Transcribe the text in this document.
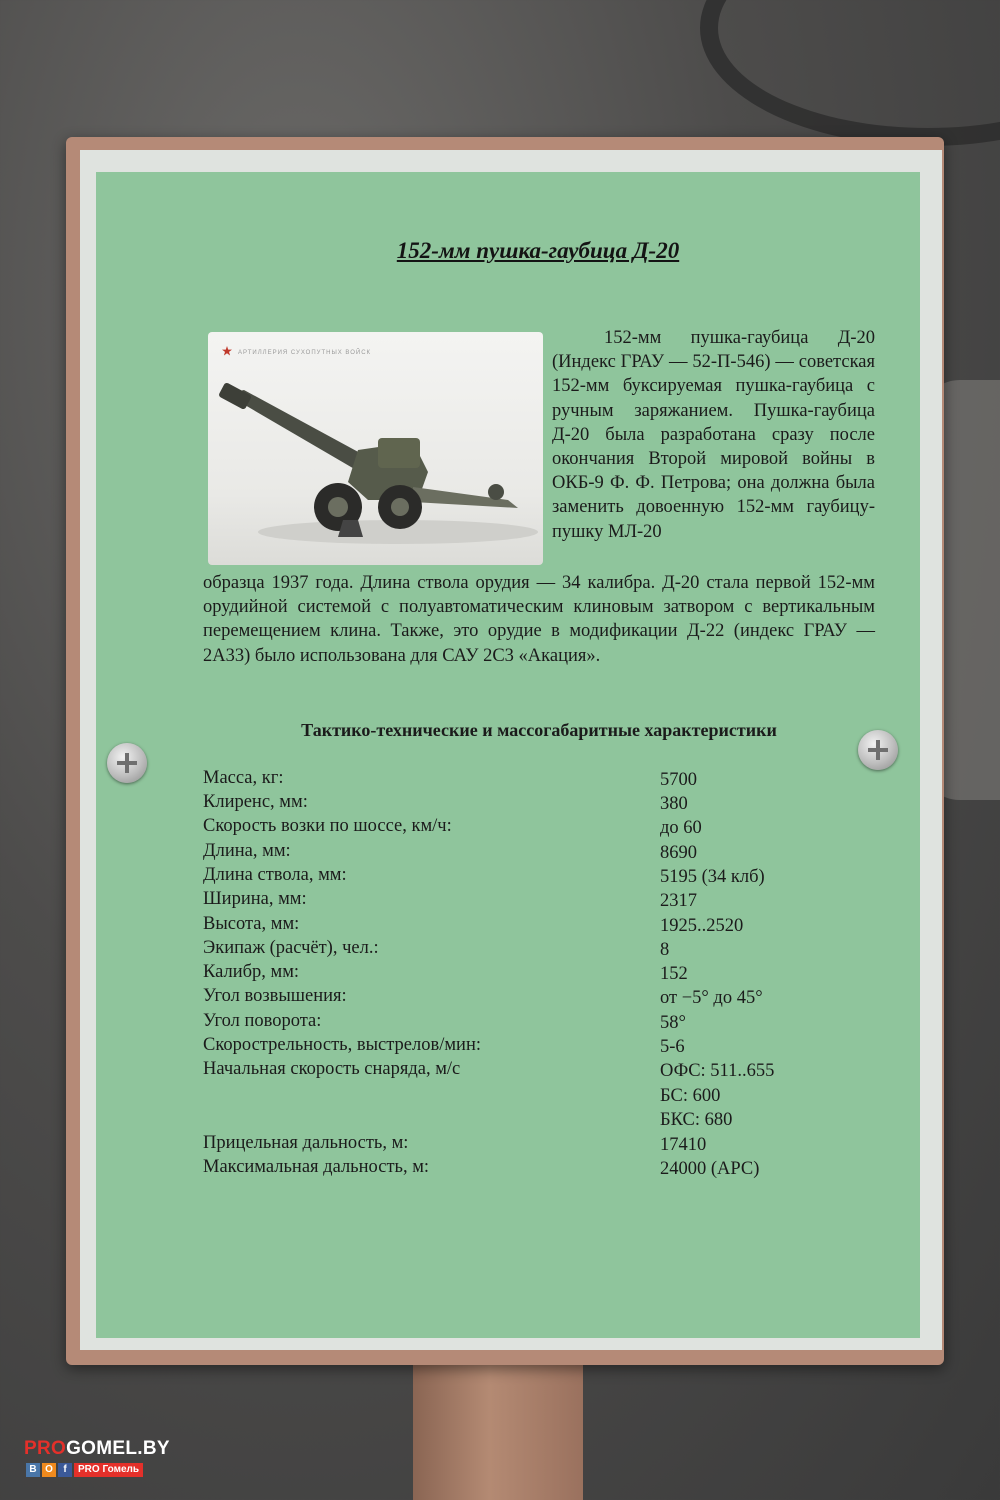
152-мм пушка-гаубица Д-20
АРТИЛЛЕРИЯ СУХОПУТНЫХ ВОЙСК
152-мм пушка-гаубица Д-20 (Индекс ГРАУ — 52-П-546) — советская 152-мм буксируемая пушка-гаубица с ручным заряжанием. Пушка-гаубица Д-20 была разработана сразу после окончания Второй мировой войны в ОКБ-9 Ф. Ф. Петрова; она должна была заменить довоенную 152-мм гаубицу-пушку МЛ-20
образца 1937 года. Длина ствола орудия — 34 калибра. Д-20 стала первой 152-мм орудийной системой с полуавтоматическим клиновым затвором с вертикальным перемещением клина. Также, это орудие в модификации Д-22 (индекс ГРАУ — 2А33) было использована для САУ 2С3 «Акация».
Тактико-технические и массогабаритные характеристики
Масса, кг:	5700
Клиренс, мм:	380
Скорость возки по шоссе, км/ч:	до 60
Длина, мм:	8690
Длина ствола, мм:	5195 (34 клб)
Ширина, мм:	2317
Высота, мм:	1925..2520
Экипаж (расчёт), чел.:	8
Калибр, мм:	152
Угол возвышения:	от −5° до 45°
Угол поворота:	58°
Скорострельность, выстрелов/мин:	5-6
Начальная скорость снаряда, м/с	ОФС: 511..655
БС: 600
БКС: 680
Прицельная дальность, м:	17410
Максимальная дальность, м:	24000 (АРС)
PROGOMEL.BY
В О	f	PRO Гомель
